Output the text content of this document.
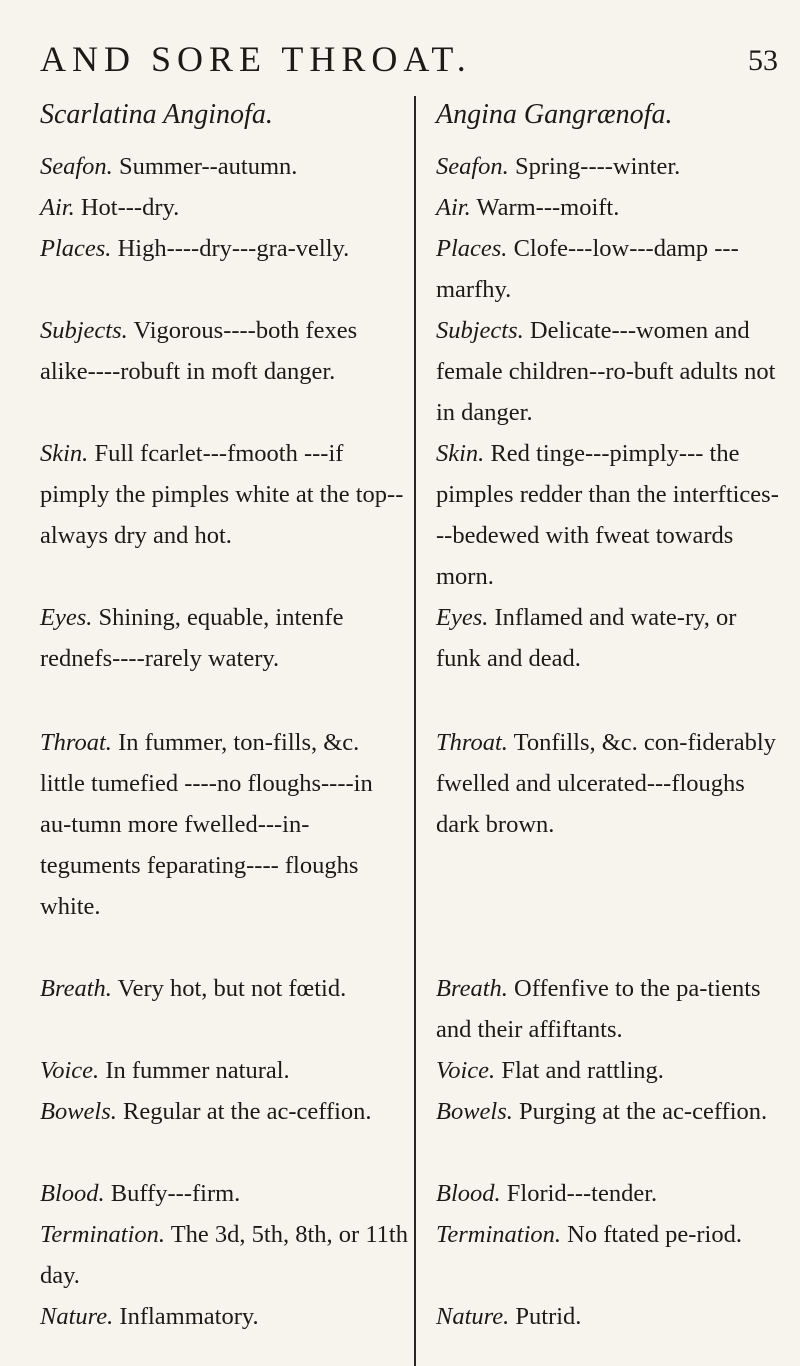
AND SORE THROAT.	53
Scarlatina Anginofa.

Seafon. Summer--autumn.

Air. Hot---dry.

Places. High----dry---gra-velly.

Subjects. Vigorous----both fexes alike----robuft in moft danger.

Skin. Full fcarlet---fmooth ---if pimply the pimples white at the top--always dry and hot.

Eyes. Shining, equable, intenfe rednefs----rarely watery.

Throat. In fummer, ton-fills, &c. little tumefied ----no floughs----in au-tumn more fwelled---in-teguments feparating---- floughs white.

Breath. Very hot, but not fœtid.

Voice. In fummer natural.

Bowels. Regular at the ac-ceffion.

Blood. Buffy---firm.

Termination. The 3d, 5th, 8th, or 11th day.

Nature. Inflammatory.

Angina Gangrænofa.

Seafon. Spring----winter.

Air. Warm---moift.

Places. Clofe---low---damp --- marfhy.

Subjects. Delicate---women and female children--ro-buft adults not in danger.

Skin. Red tinge---pimply--- the pimples redder than the interftices---bedewed with fweat towards morn.

Eyes. Inflamed and wate-ry, or funk and dead.

Throat. Tonfills, &c. con-fiderably fwelled and ulcerated---floughs dark brown.

Breath. Offenfive to the pa-tients and their affiftants.

Voice. Flat and rattling.

Bowels. Purging at the ac-ceffion.

Blood. Florid---tender.

Termination. No ftated pe-riod.

Nature. Putrid.
